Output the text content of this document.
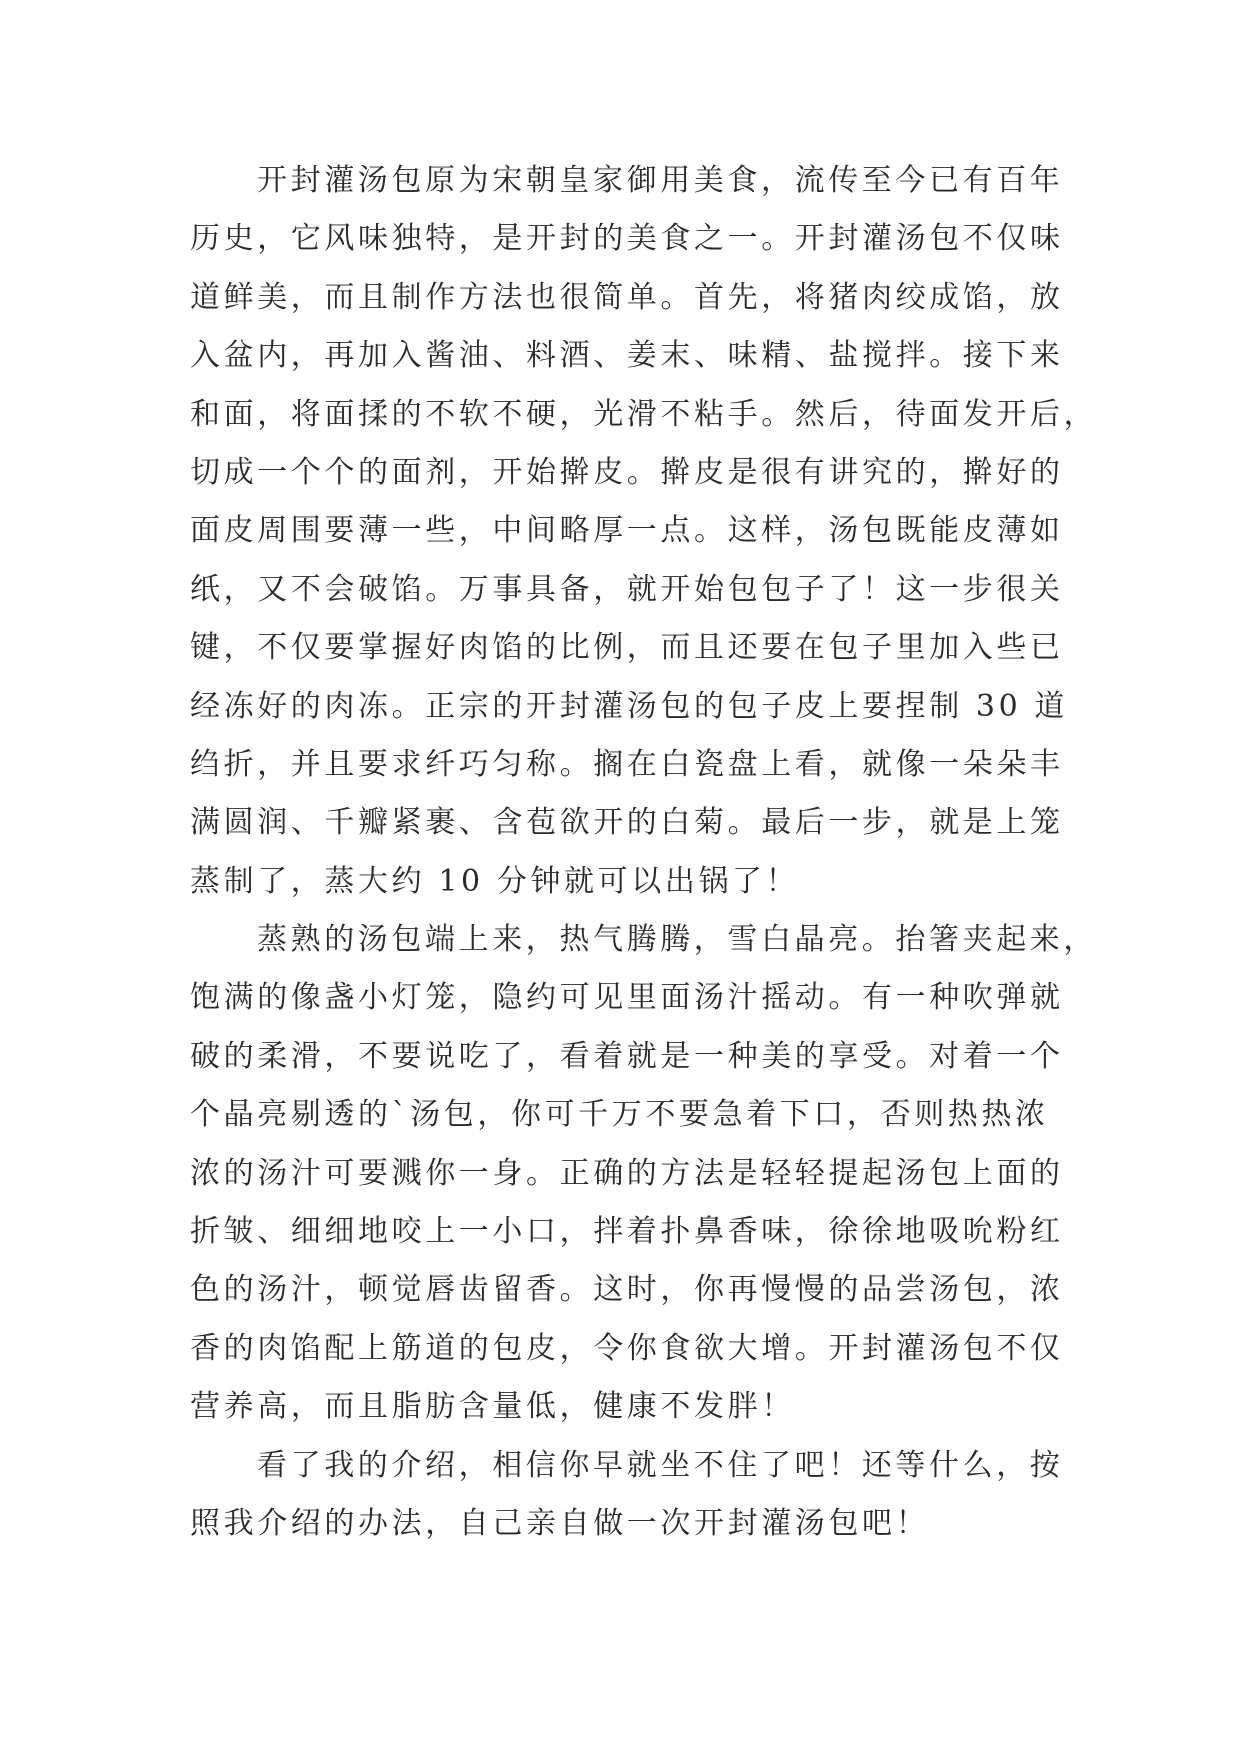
开封灌汤包原为宋朝皇家御用美食，流传至今已有百年
历史，它风味独特，是开封的美食之一。开封灌汤包不仅味
道鲜美，而且制作方法也很简单。首先，将猪肉绞成馅，放
入盆内，再加入酱油、料酒、姜末、味精、盐搅拌。接下来
和面，将面揉的不软不硬，光滑不粘手。然后，待面发开后，
切成一个个的面剂，开始擀皮。擀皮是很有讲究的，擀好的
面皮周围要薄一些，中间略厚一点。这样，汤包既能皮薄如
纸，又不会破馅。万事具备，就开始包包子了！这一步很关
键，不仅要掌握好肉馅的比例，而且还要在包子里加入些已
经冻好的肉冻。正宗的开封灌汤包的包子皮上要捏制 30 道
绉折，并且要求纤巧匀称。搁在白瓷盘上看，就像一朵朵丰
满圆润、千瓣紧裹、含苞欲开的白菊。最后一步，就是上笼
蒸制了，蒸大约 10 分钟就可以出锅了！
蒸熟的汤包端上来，热气腾腾，雪白晶亮。抬箸夹起来，
饱满的像盏小灯笼，隐约可见里面汤汁摇动。有一种吹弹就
破的柔滑，不要说吃了，看着就是一种美的享受。对着一个
个晶亮剔透的`汤包，你可千万不要急着下口，否则热热浓
浓的汤汁可要溅你一身。正确的方法是轻轻提起汤包上面的
折皱、细细地咬上一小口，拌着扑鼻香味，徐徐地吸吮粉红
色的汤汁，顿觉唇齿留香。这时，你再慢慢的品尝汤包，浓
香的肉馅配上筋道的包皮，令你食欲大增。开封灌汤包不仅
营养高，而且脂肪含量低，健康不发胖！
看了我的介绍，相信你早就坐不住了吧！还等什么，按
照我介绍的办法，自己亲自做一次开封灌汤包吧！
